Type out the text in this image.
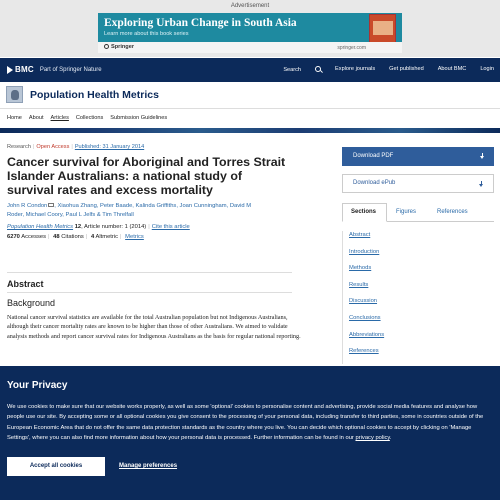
Advertisement
Exploring Urban Change in South Asia
Learn more about this book series
Springer	springer.com
BMC Part of Springer Nature	Search	Explore journals	Get published	About BMC	Login
Population Health Metrics
Home About Articles Collections Submission Guidelines
Research | Open Access | Published: 31 January 2014
Cancer survival for Aboriginal and Torres Strait Islander Australians: a national study of survival rates and excess mortality
John R Condon , Xiaohua Zhang, Peter Baade, Kalinda Griffiths, Joan Cunningham, David M
Roder, Michael Coory, Paul L Jelfs & Tim Threlfall
Population Health Metrics 12, Article number: 1 (2014) | Cite this article
6270 Accesses | 48 Citations | 4 Altmetric | Metrics
Abstract
Background
National cancer survival statistics are available for the total Australian population but not Indigenous Australians, although their cancer mortality rates are known to be higher than those of other Australians. We aimed to validate analysis methods and report cancer survival rates for Indigenous Australians as the basis for regular national reporting.
Download PDF
Download ePub
Sections	Figures	References
Abstract
Introduction
Methods
Results
Discussion
Conclusions
Abbreviations
References
Your Privacy
We use cookies to make sure that our website works properly, as well as some 'optional' cookies to personalise content and advertising, provide social media features and analyse how people use our site. By accepting some or all optional cookies you give consent to the processing of your personal data, including transfer to third parties, some in countries outside of the European Economic Area that do not offer the same data protection standards as the country where you live. You can decide which optional cookies to accept by clicking on 'Manage Settings', where you can also find more information about how your personal data is processed. Further information can be found in our privacy policy.
Accept all cookies	Manage preferences
